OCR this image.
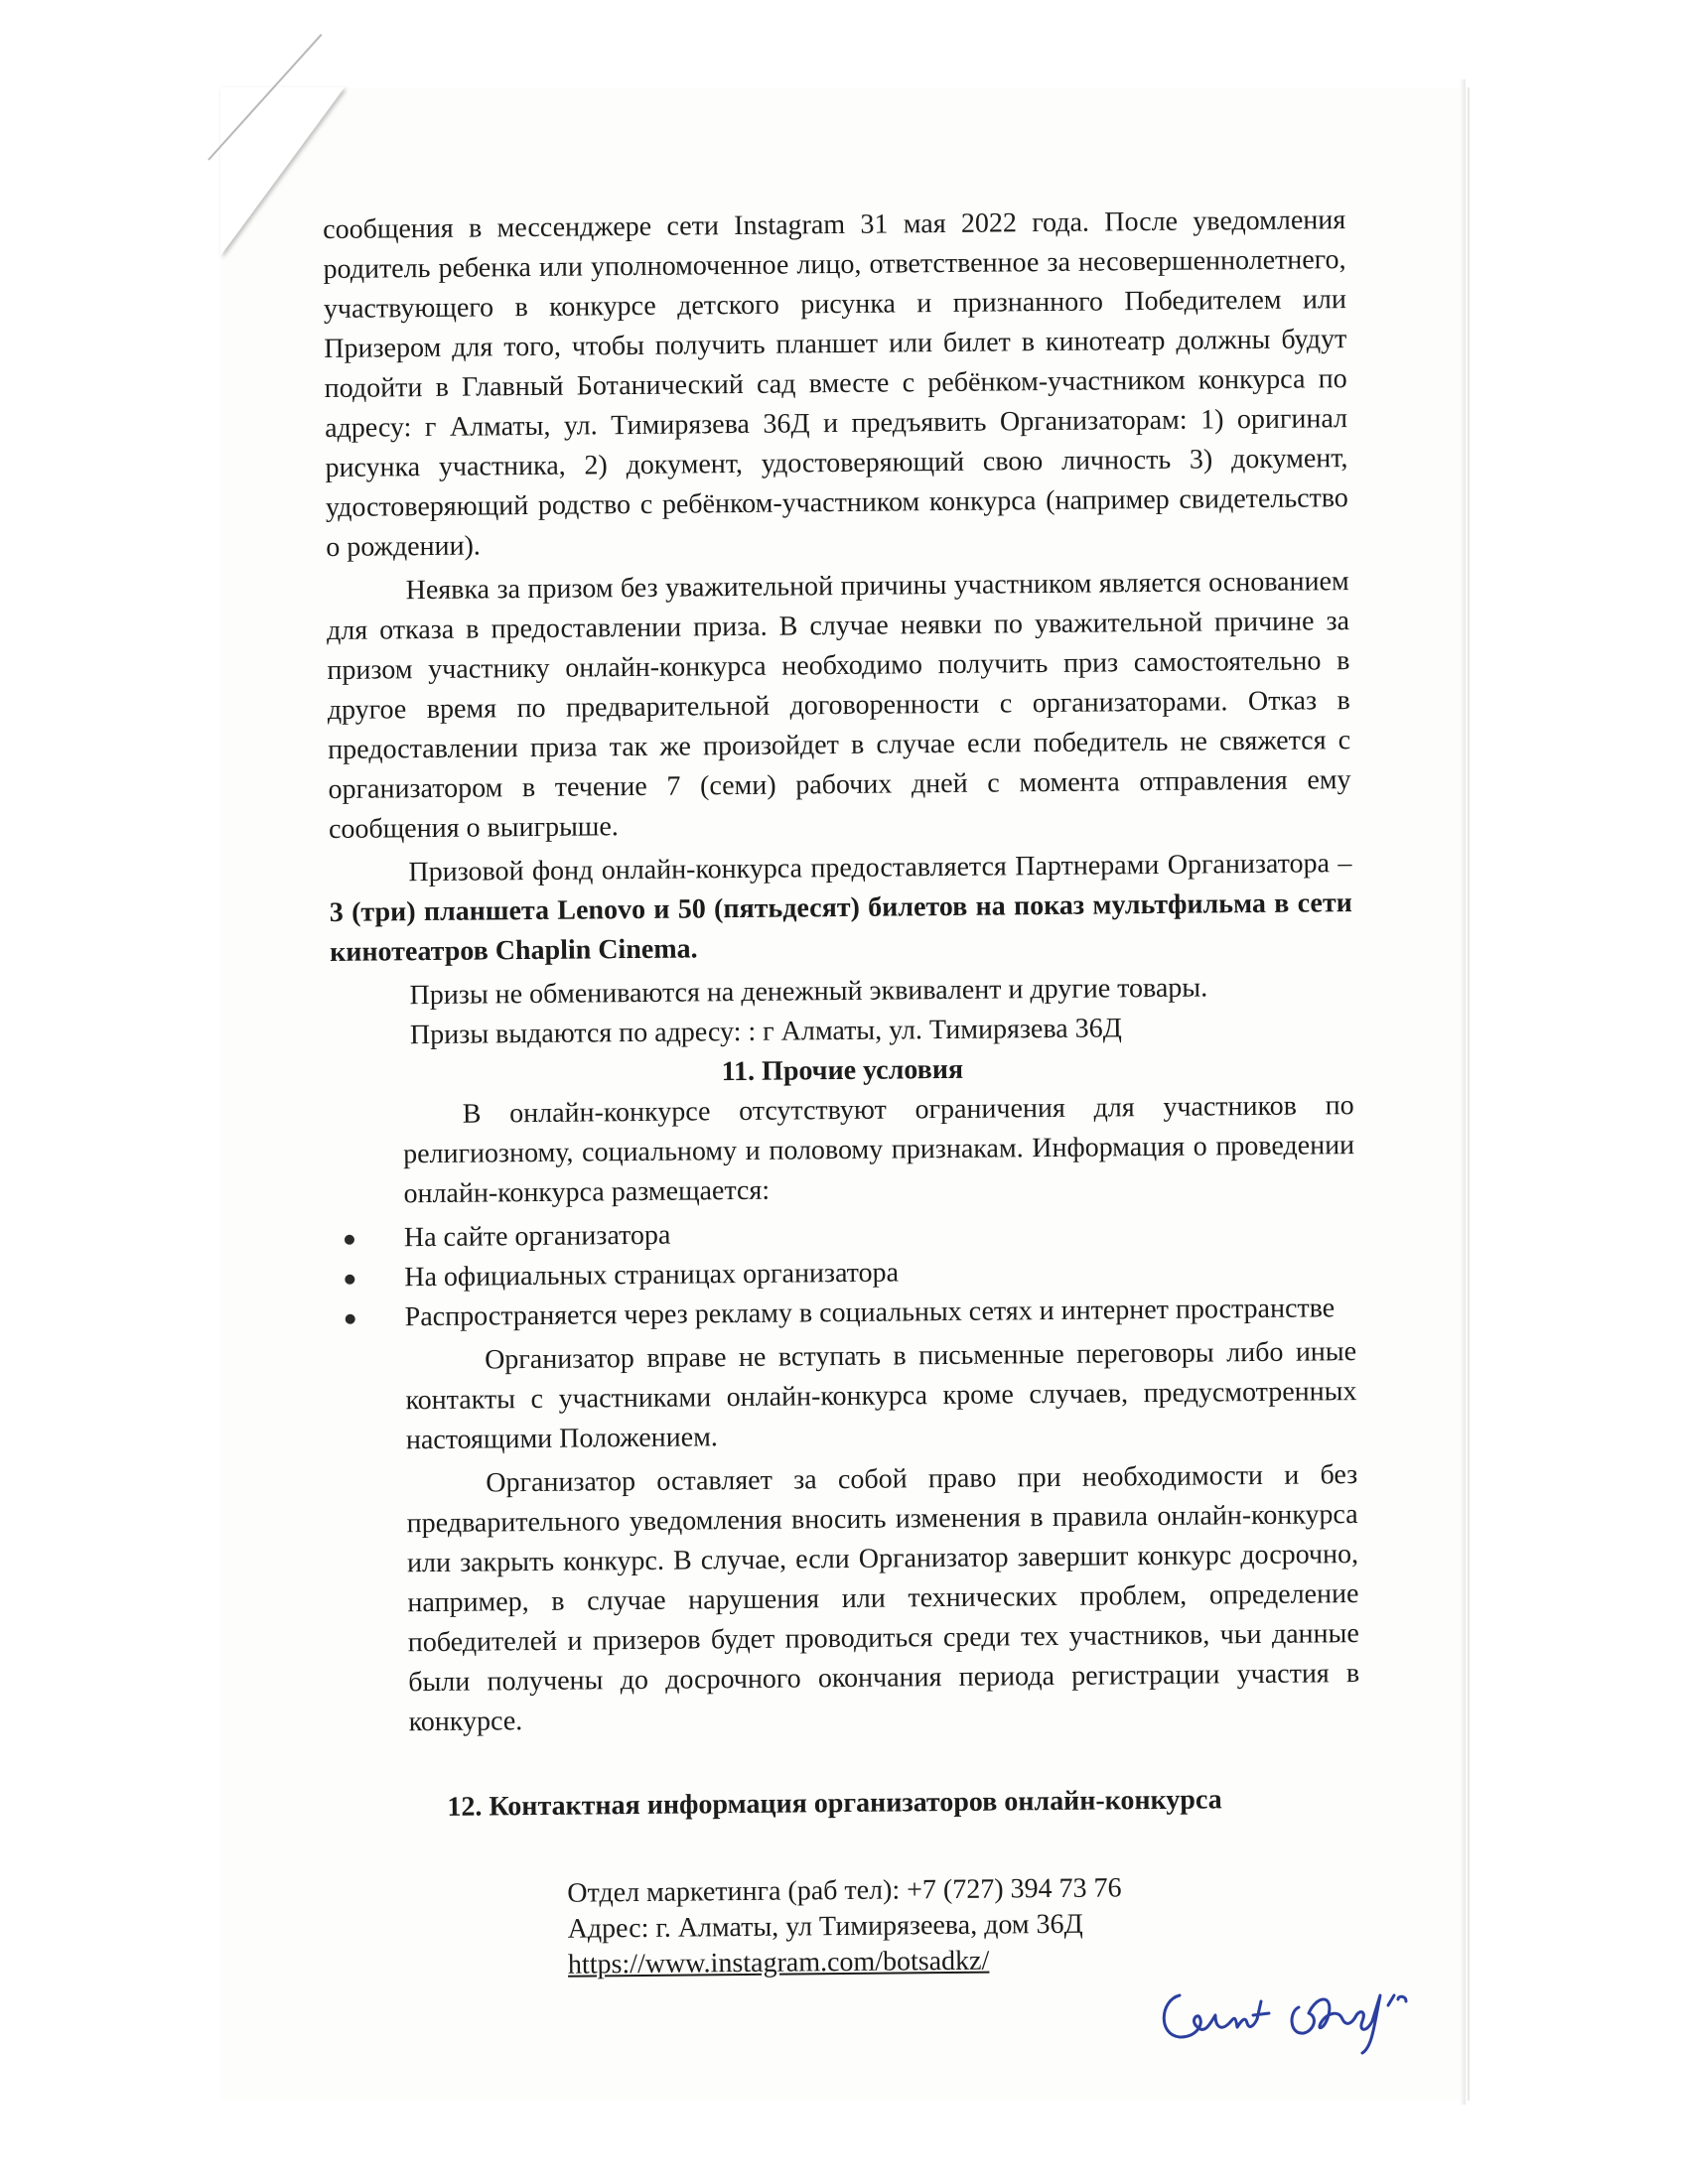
сообщения в мессенджере сети Instagram 31 мая 2022 года. После уведомления родитель ребенка или уполномоченное лицо, ответственное за несовершеннолетнего, участвующего в конкурсе детского рисунка и признанного Победителем или Призером для того, чтобы получить планшет или билет в кинотеатр должны будут подойти в Главный Ботанический сад вместе с ребёнком-участником конкурса по адресу: г Алматы, ул. Тимирязева 36Д и предъявить Организаторам: 1) оригинал рисунка участника, 2) документ, удостоверяющий свою личность 3) документ, удостоверяющий родство с ребёнком-участником конкурса (например свидетельство о рождении).

Неявка за призом без уважительной причины участником является основанием для отказа в предоставлении приза. В случае неявки по уважительной причине за призом участнику онлайн-конкурса необходимо получить приз самостоятельно в другое время по предварительной договоренности с организаторами. Отказ в предоставлении приза так же произойдет в случае если победитель не свяжется с организатором в течение 7 (семи) рабочих дней с момента отправления ему сообщения о выигрыше.

Призовой фонд онлайн-конкурса предоставляется Партнерами Организатора – 3 (три) планшета Lenovo и 50 (пятьдесят) билетов на показ мультфильма в сети кинотеатров Chaplin Cinema.

Призы не обмениваются на денежный эквивалент и другие товары.

Призы выдаются по адресу: : г Алматы, ул. Тимирязева 36Д

11. Прочие условия

В онлайн-конкурсе отсутствуют ограничения для участников по религиозному, социальному и половому признакам. Информация о проведении онлайн-конкурса размещается:

На сайте организатора
На официальных страницах организатора
Распространяется через рекламу в социальных сетях и интернет пространстве

Организатор вправе не вступать в письменные переговоры либо иные контакты с участниками онлайн-конкурса кроме случаев, предусмотренных настоящими Положением.

Организатор оставляет за собой право при необходимости и без предварительного уведомления вносить изменения в правила онлайн-конкурса или закрыть конкурс. В случае, если Организатор завершит конкурс досрочно, например, в случае нарушения или технических проблем, определение победителей и призеров будет проводиться среди тех участников, чьи данные были получены до досрочного окончания периода регистрации участия в конкурсе.

12. Контактная информация организаторов онлайн-конкурса

Отдел маркетинга (раб тел): +7 (727) 394 73 76
Адрес: г. Алматы, ул Тимирязеева, дом 36Д
https://www.instagram.com/botsadkz/
